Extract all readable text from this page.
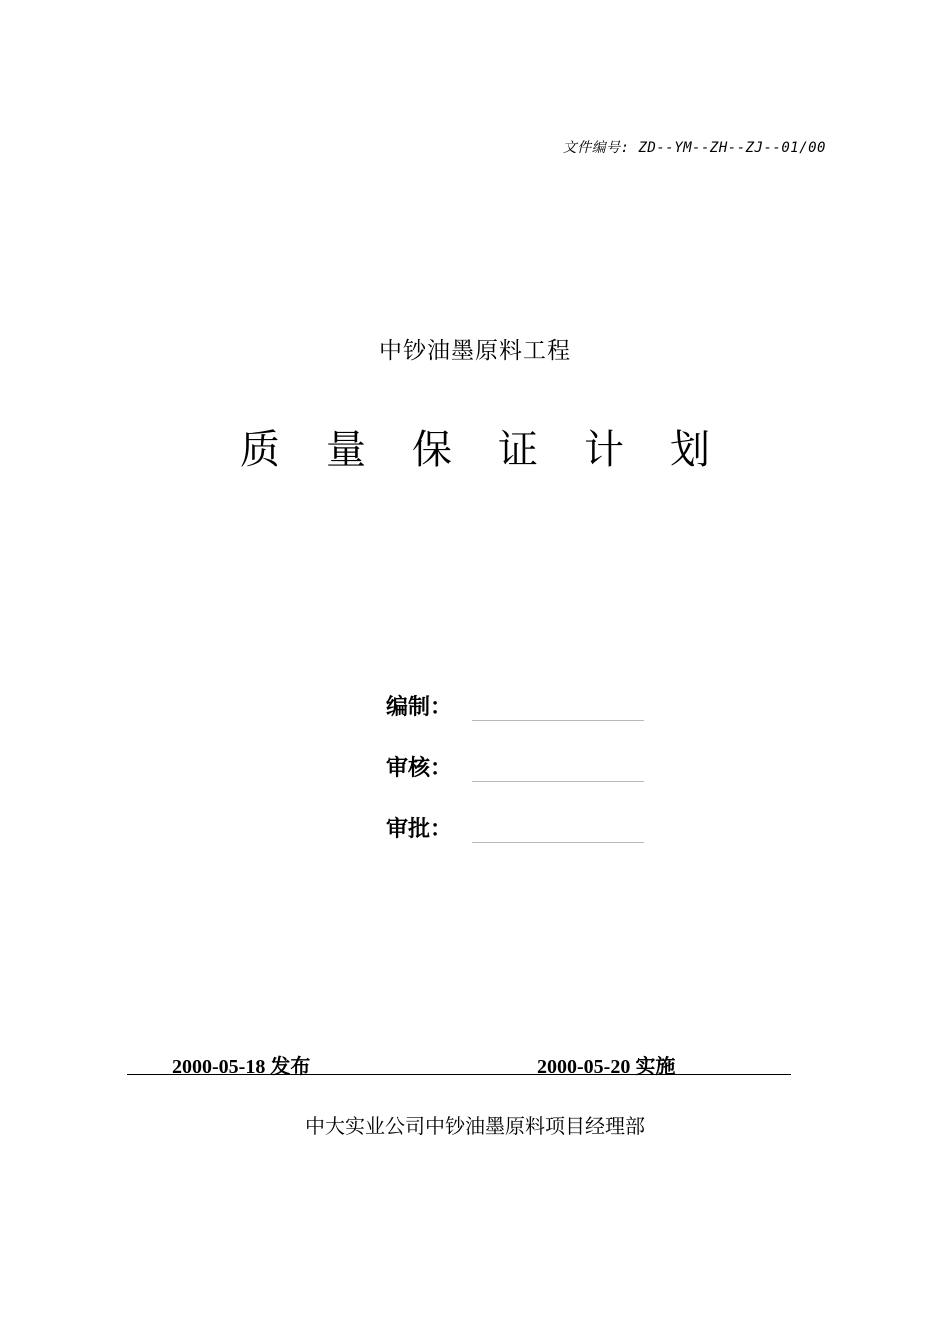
文件编号: ZD--YM--ZH--ZJ--01/00
中钞油墨原料工程
质量保证计划
编制：
审核：
审批：
2000-05-18 发布	2000-05-20 实施
中大实业公司中钞油墨原料项目经理部
